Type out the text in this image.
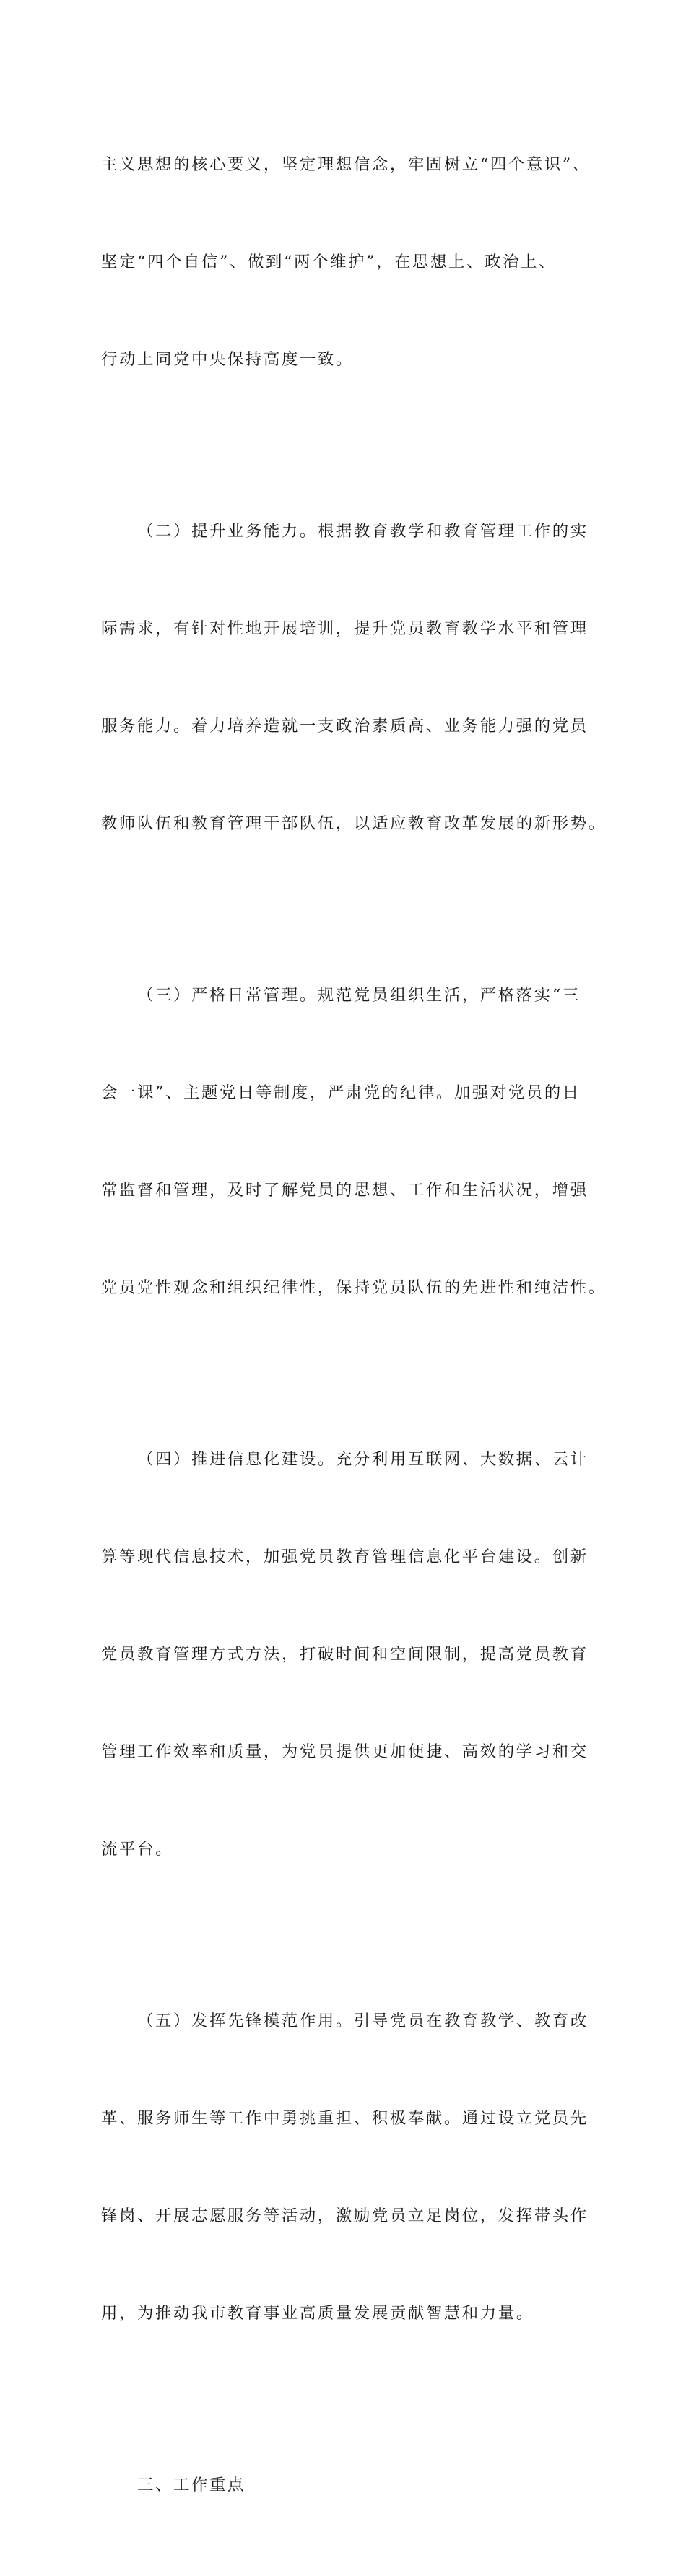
主义思想的核心要义，坚定理想信念，牢固树立“四个意识”、

坚定“四个自信”、做到“两个维护”，在思想上、政治上、

行动上同党中央保持高度一致。

（二）提升业务能力。根据教育教学和教育管理工作的实

际需求，有针对性地开展培训，提升党员教育教学水平和管理

服务能力。着力培养造就一支政治素质高、业务能力强的党员

教师队伍和教育管理干部队伍，以适应教育改革发展的新形势。

（三）严格日常管理。规范党员组织生活，严格落实“三

会一课”、主题党日等制度，严肃党的纪律。加强对党员的日

常监督和管理，及时了解党员的思想、工作和生活状况，增强

党员党性观念和组织纪律性，保持党员队伍的先进性和纯洁性。

（四）推进信息化建设。充分利用互联网、大数据、云计

算等现代信息技术，加强党员教育管理信息化平台建设。创新

党员教育管理方式方法，打破时间和空间限制，提高党员教育

管理工作效率和质量，为党员提供更加便捷、高效的学习和交

流平台。

（五）发挥先锋模范作用。引导党员在教育教学、教育改

革、服务师生等工作中勇挑重担、积极奉献。通过设立党员先

锋岗、开展志愿服务等活动，激励党员立足岗位，发挥带头作

用，为推动我市教育事业高质量发展贡献智慧和力量。

三、工作重点
